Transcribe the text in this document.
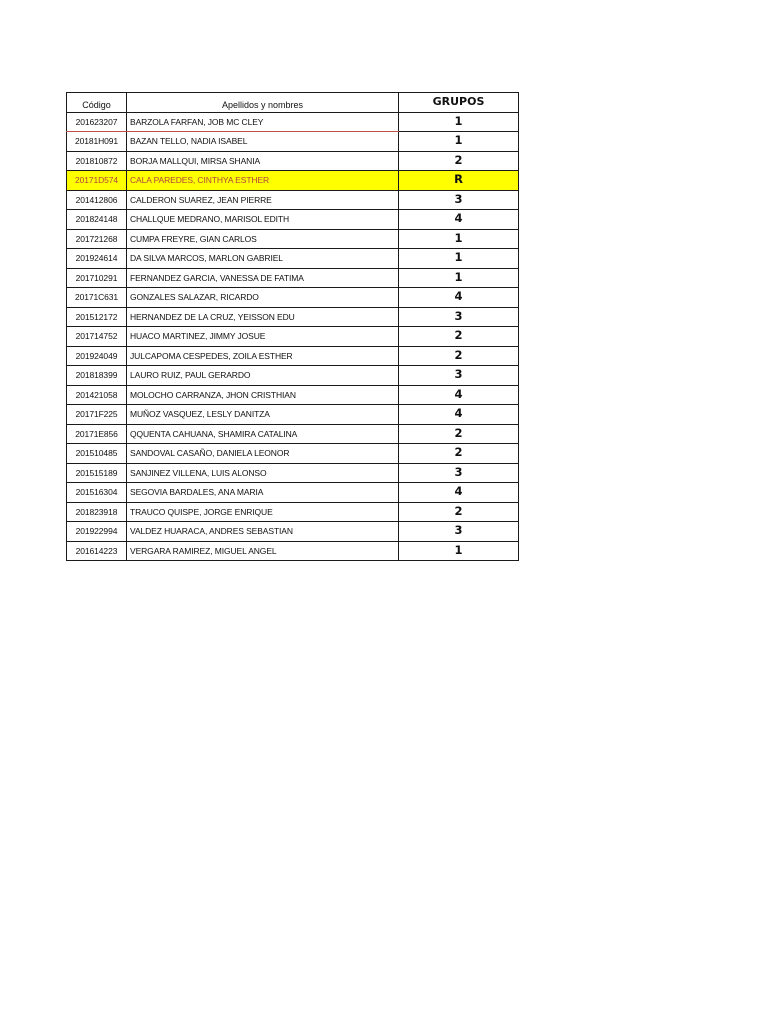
Código	Apellidos y nombres	GRUPOS
201623207	BARZOLA FARFAN, JOB MC CLEY	1
20181H091	BAZAN TELLO, NADIA ISABEL	1
201810872	BORJA MALLQUI, MIRSA SHANIA	2
20171D574	CALA PAREDES, CINTHYA ESTHER	R
201412806	CALDERON SUAREZ, JEAN PIERRE	3
201824148	CHALLQUE MEDRANO, MARISOL EDITH	4
201721268	CUMPA FREYRE, GIAN CARLOS	1
201924614	DA SILVA MARCOS, MARLON GABRIEL	1
201710291	FERNANDEZ GARCIA, VANESSA DE FATIMA	1
20171C631	GONZALES SALAZAR, RICARDO	4
201512172	HERNANDEZ DE LA CRUZ, YEISSON EDU	3
201714752	HUACO MARTINEZ, JIMMY JOSUE	2
201924049	JULCAPOMA CESPEDES, ZOILA ESTHER	2
201818399	LAURO RUIZ, PAUL GERARDO	3
201421058	MOLOCHO CARRANZA, JHON CRISTHIAN	4
20171F225	MUÑOZ VASQUEZ, LESLY DANITZA	4
20171E856	QQUENTA CAHUANA, SHAMIRA CATALINA	2
201510485	SANDOVAL CASAÑO, DANIELA LEONOR	2
201515189	SANJINEZ VILLENA, LUIS ALONSO	3
201516304	SEGOVIA BARDALES, ANA MARIA	4
201823918	TRAUCO QUISPE, JORGE ENRIQUE	2
201922994	VALDEZ HUARACA, ANDRES SEBASTIAN	3
201614223	VERGARA RAMIREZ, MIGUEL ANGEL	1
